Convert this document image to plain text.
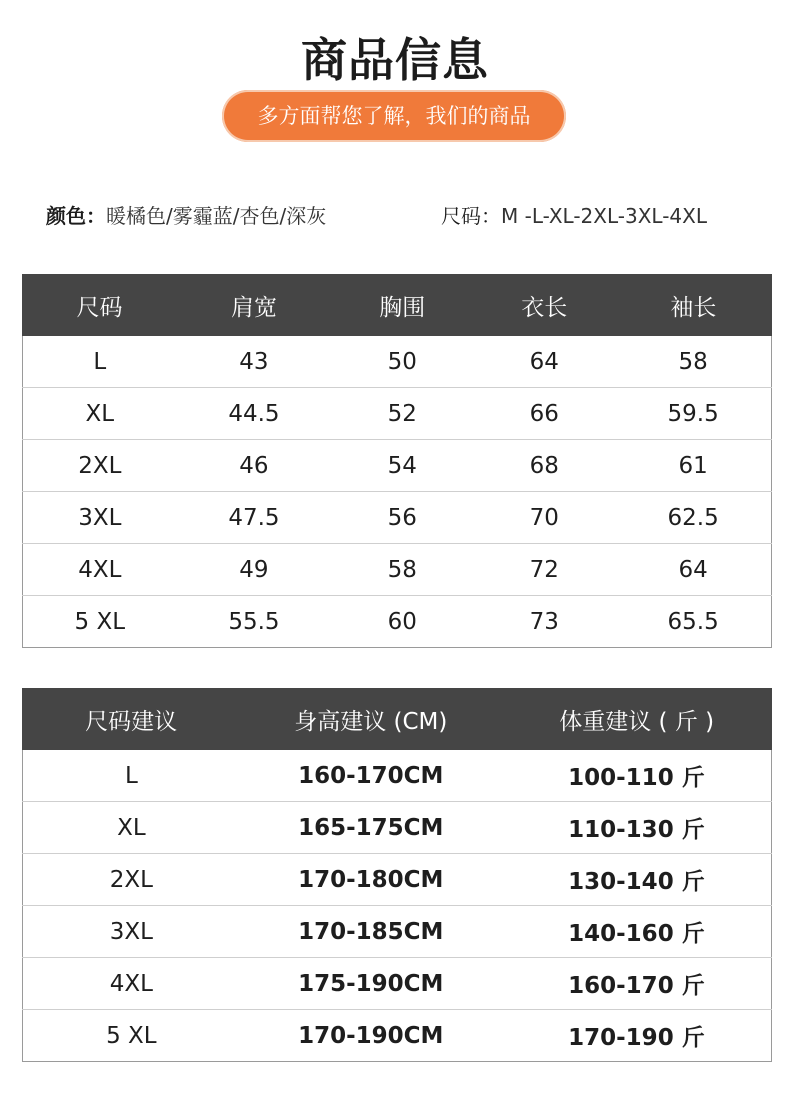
商品信息
多方面帮您了解，我们的商品
颜色：暖橘色/雾霾蓝/杏色/深灰	尺码：M -L-XL-2XL-3XL-4XL
尺码	肩宽	胸围	衣长	袖长
L	43	50	64	58
XL	44.5	52	66	59.5
2XL	46	54	68	61
3XL	47.5	56	70	62.5
4XL	49	58	72	64
5 XL	55.5	60	73	65.5
尺码建议	身高建议 (CM)	体重建议 ( 斤 )
L	160-170CM	100-110 斤
XL	165-175CM	110-130 斤
2XL	170-180CM	130-140 斤
3XL	170-185CM	140-160 斤
4XL	175-190CM	160-170 斤
5 XL	170-190CM	170-190 斤
